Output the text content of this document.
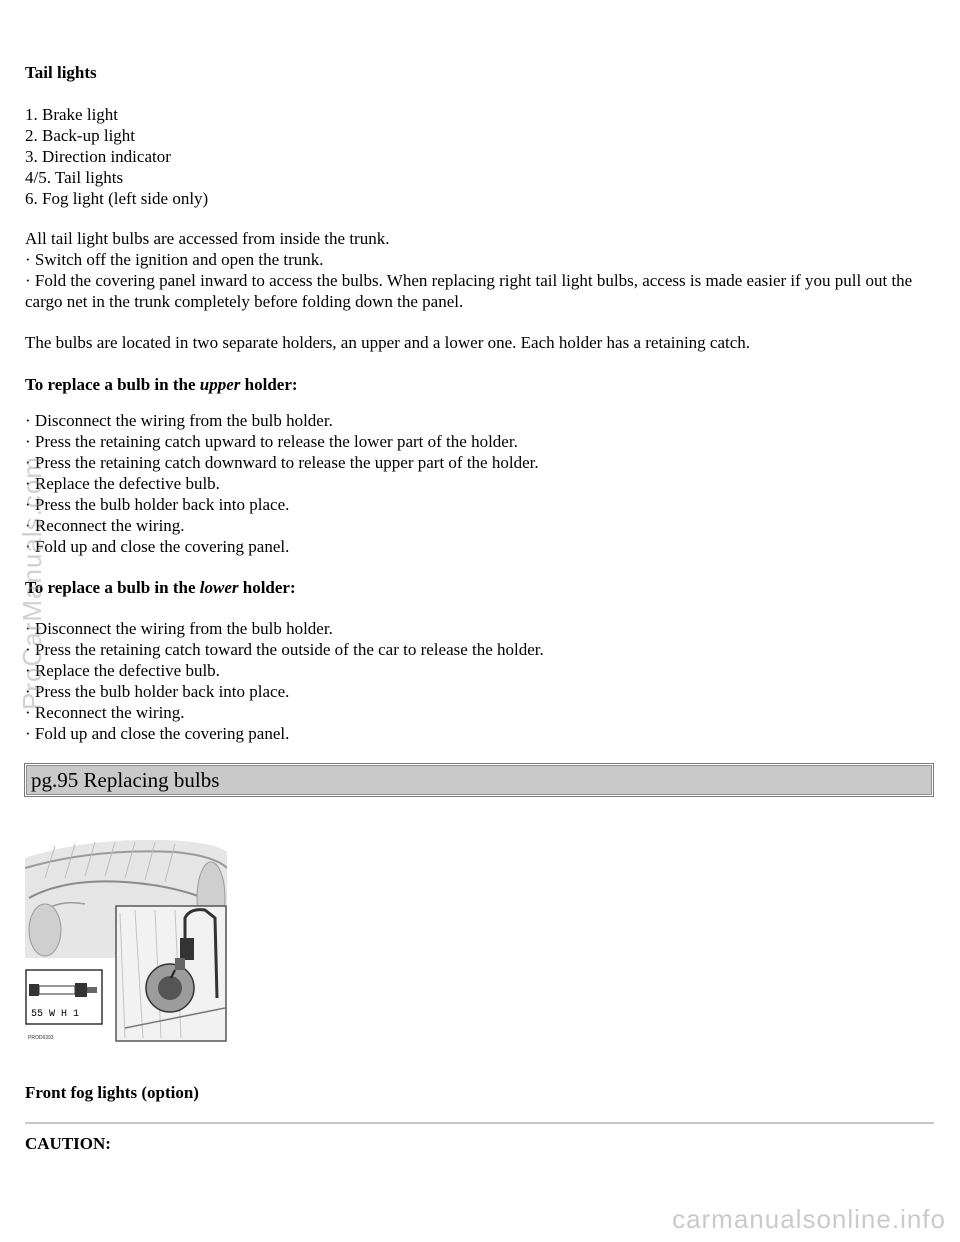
Tail lights
1. Brake light
2. Back-up light
3. Direction indicator
4/5. Tail lights
6. Fog light (left side only)
All tail light bulbs are accessed from inside the trunk.
· Switch off the ignition and open the trunk.
· Fold the covering panel inward to access the bulbs. When replacing right tail light bulbs, access is made easier if you pull out the cargo net in the trunk completely before folding down the panel.
The bulbs are located in two separate holders, an upper and a lower one. Each holder has a retaining catch.
To replace a bulb in the upper holder:
· Disconnect the wiring from the bulb holder.
· Press the retaining catch upward to release the lower part of the holder.
· Press the retaining catch downward to release the upper part of the holder.
· Replace the defective bulb.
· Press the bulb holder back into place.
· Reconnect the wiring.
· Fold up and close the covering panel.
To replace a bulb in the lower holder:
· Disconnect the wiring from the bulb holder.
· Press the retaining catch toward the outside of the car to release the holder.
· Replace the defective bulb.
· Press the bulb holder back into place.
· Reconnect the wiring.
· Fold up and close the covering panel.
pg.95 Replacing bulbs
55 W H 1
PROD6393
Front fog lights (option)
CAUTION:
ProCarManuals.com
carmanualsonline.info
